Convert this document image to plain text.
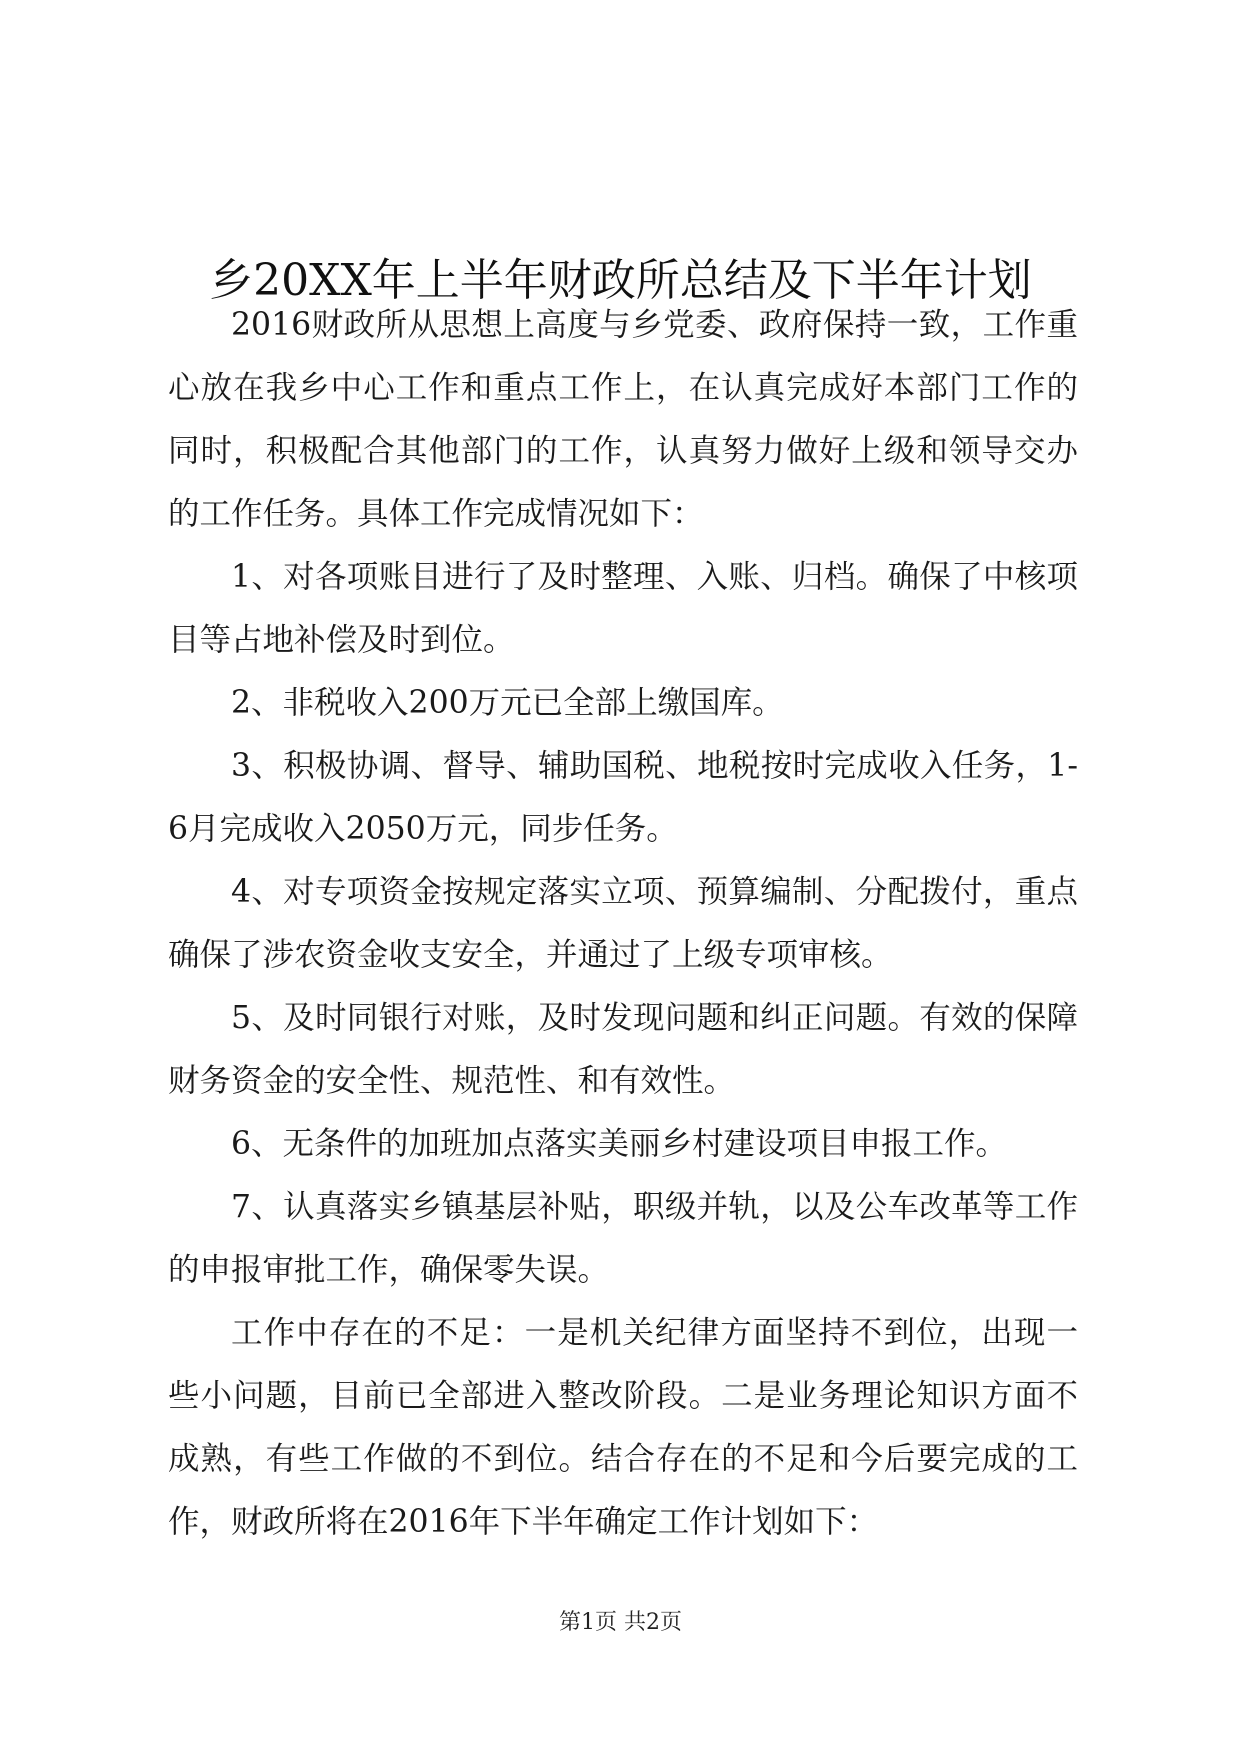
乡20XX年上半年财政所总结及下半年计划

2016财政所从思想上高度与乡党委、政府保持一致，工作重心放在我乡中心工作和重点工作上，在认真完成好本部门工作的同时，积极配合其他部门的工作，认真努力做好上级和领导交办的工作任务。具体工作完成情况如下：

1、对各项账目进行了及时整理、入账、归档。确保了中核项目等占地补偿及时到位。

2、非税收入200万元已全部上缴国库。

3、积极协调、督导、辅助国税、地税按时完成收入任务，1-6月完成收入2050万元，同步任务。

4、对专项资金按规定落实立项、预算编制、分配拨付，重点确保了涉农资金收支安全，并通过了上级专项审核。

5、及时同银行对账，及时发现问题和纠正问题。有效的保障财务资金的安全性、规范性、和有效性。

6、无条件的加班加点落实美丽乡村建设项目申报工作。

7、认真落实乡镇基层补贴，职级并轨，以及公车改革等工作的申报审批工作，确保零失误。

工作中存在的不足：一是机关纪律方面坚持不到位，出现一些小问题，目前已全部进入整改阶段。二是业务理论知识方面不成熟，有些工作做的不到位。结合存在的不足和今后要完成的工作，财政所将在2016年下半年确定工作计划如下：

第1页 共2页
